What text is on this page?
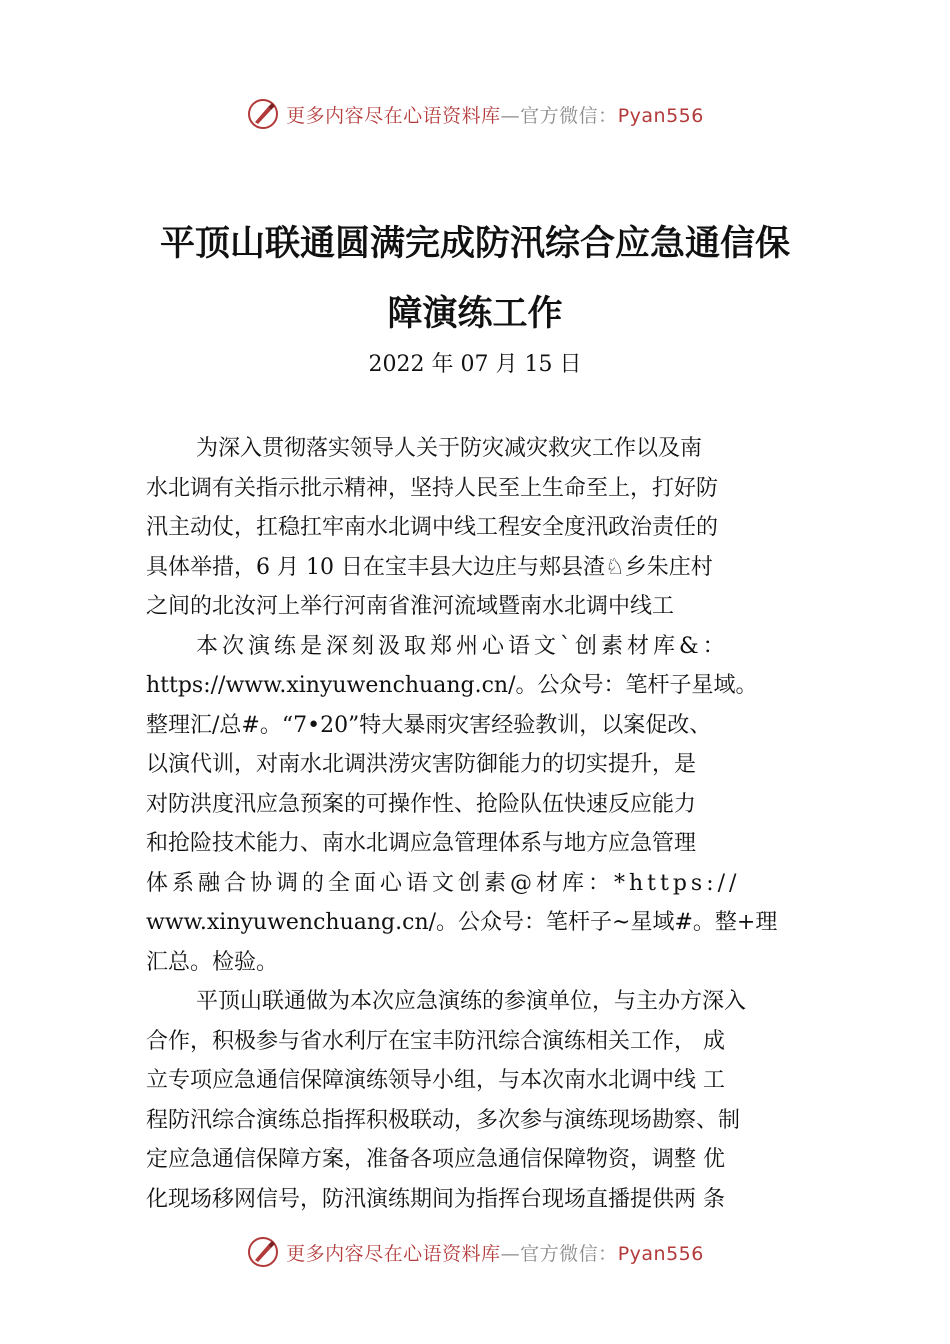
更多内容尽在心语资料库—官方微信：Pyan556
平顶山联通圆满完成防汛综合应急通信保
障演练工作
2022 年 07 月 15 日

为深入贯彻落实领导人关于防灾减灾救灾工作以及南

水北调有关指示批示精神，坚持人民至上生命至上，打好防

汛主动仗，扛稳扛牢南水北调中线工程安全度汛政治责任的

具体举措，6 月 10 日在宝丰县大边庄与郏县渣♘乡朱庄村

之间的北汝河上举行河南省淮河流域暨南水北调中线工

本次演练是深刻汲取郑州心语文`创素材库&：

https://www.xinyuwenchuang.cn/。公众号：笔杆子星域。

整理汇/总#。“7•20”特大暴雨灾害经验教训，以案促改、

以演代训，对南水北调洪涝灾害防御能力的切实提升，是

对防洪度汛应急预案的可操作性、抢险队伍快速反应能力

和抢险技术能力、南水北调应急管理体系与地方应急管理

体系融合协调的全面心语文创素@材库：*https://

www.xinyuwenchuang.cn/。公众号：笔杆子~星域#。整+理

汇总。检验。

平顶山联通做为本次应急演练的参演单位，与主办方深入

合作，积极参与省水利厅在宝丰防汛综合演练相关工作， 成

立专项应急通信保障演练领导小组，与本次南水北调中线 工

程防汛综合演练总指挥积极联动，多次参与演练现场勘察、制

定应急通信保障方案，准备各项应急通信保障物资，调整 优

化现场移网信号，防汛演练期间为指挥台现场直播提供两 条

更多内容尽在心语资料库—官方微信：Pyan556
